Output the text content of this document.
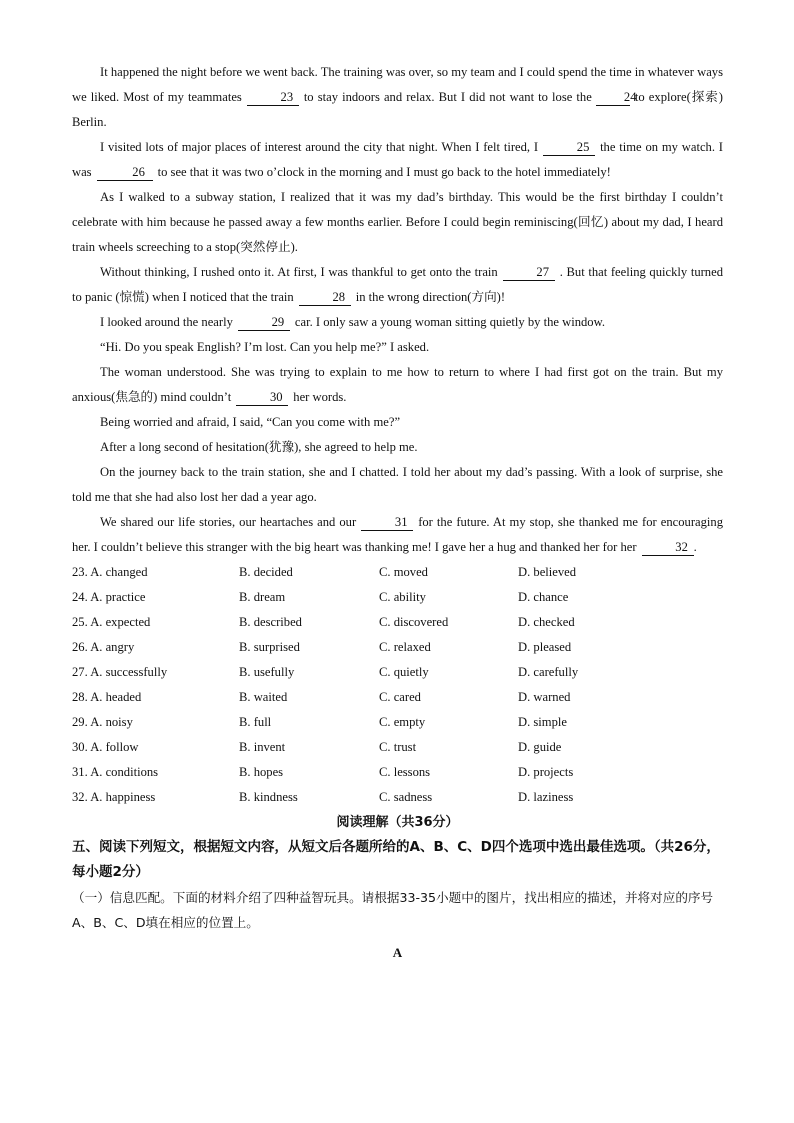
It happened the night before we went back. The training was over, so my team and I could spend the time in whatever ways we liked. Most of my teammates	23 to stay indoors and relax. But I did not want to lose the	24to explore(探索) Berlin.

I visited lots of major places of interest around the city that night. When I felt tired, I	25 the time on my watch. I was	26 to see that it was two o’clock in the morning and I must go back to the hotel immediately!

As I walked to a subway station, I realized that it was my dad’s birthday. This would be the first birthday I couldn’t celebrate with him because he passed away a few months earlier. Before I could begin reminiscing(回忆) about my dad, I heard train wheels screeching to a stop(突然停止).

Without thinking, I rushed onto it. At first, I was thankful to get onto the train	27 . But that feeling quickly turned to panic (惊慌) when I noticed that the train	28 in the wrong direction(方向)!

I looked around the nearly	29 car. I only saw a young woman sitting quietly by the window.

“Hi. Do you speak English? I’m lost. Can you help me?” I asked.

The woman understood. She was trying to explain to me how to return to where I had first got on the train. But my anxious(焦急的) mind couldn’t	30 her words.

Being worried and afraid, I said, “Can you come with me?”

After a long second of hesitation(犹豫), she agreed to help me.

On the journey back to the train station, she and I chatted. I told her about my dad’s passing. With a look of surprise, she told me that she had also lost her dad a year ago.

We shared our life stories, our heartaches and our	31 for the future. At my stop, she thanked me for encouraging her. I couldn’t believe this stranger with the big heart was thanking me! I gave her a hug and thanked her for her	32 .

23. A. changed	B. decided	C. moved	D. believed
24. A. practice	B. dream	C. ability	D. chance
25. A. expected	B. described	C. discovered	D. checked
26. A. angry	B. surprised	C. relaxed	D. pleased
27. A. successfully	B. usefully	C. quietly	D. carefully
28. A. headed	B. waited	C. cared	D. warned
29. A. noisy	B. full	C. empty	D. simple
30. A. follow	B. invent	C. trust	D. guide
31. A. conditions	B. hopes	C. lessons	D. projects
32. A. happiness	B. kindness	C. sadness	D. laziness

阅读理解（共36分）

五、阅读下列短文，根据短文内容，从短文后各题所给的A、B、C、D四个选项中选出最佳选项。（共26分，每小题2分）

（一）信息匹配。下面的材料介绍了四种益智玩具。请根据33-35小题中的图片，找出相应的描述，并将对应的序号A、B、C、D填在相应的位置上。

A
